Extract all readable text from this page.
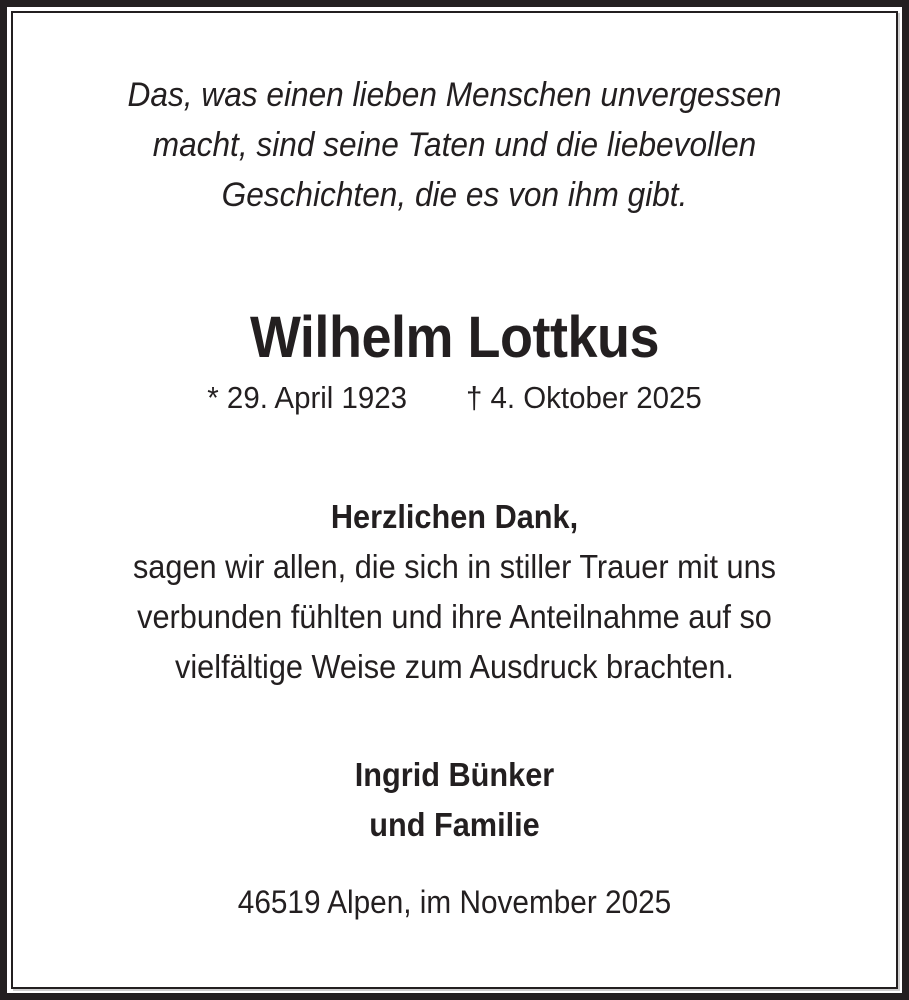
Das, was einen lieben Menschen unvergessen
macht, sind seine Taten und die liebevollen
Geschichten, die es von ihm gibt.
Wilhelm Lottkus
* 29. April 1923 † 4. Oktober 2025
Herzlichen Dank,
sagen wir allen, die sich in stiller Trauer mit uns
verbunden fühlten und ihre Anteilnahme auf so
vielfältige Weise zum Ausdruck brachten.
Ingrid Bünker
und Familie
46519 Alpen, im November 2025
